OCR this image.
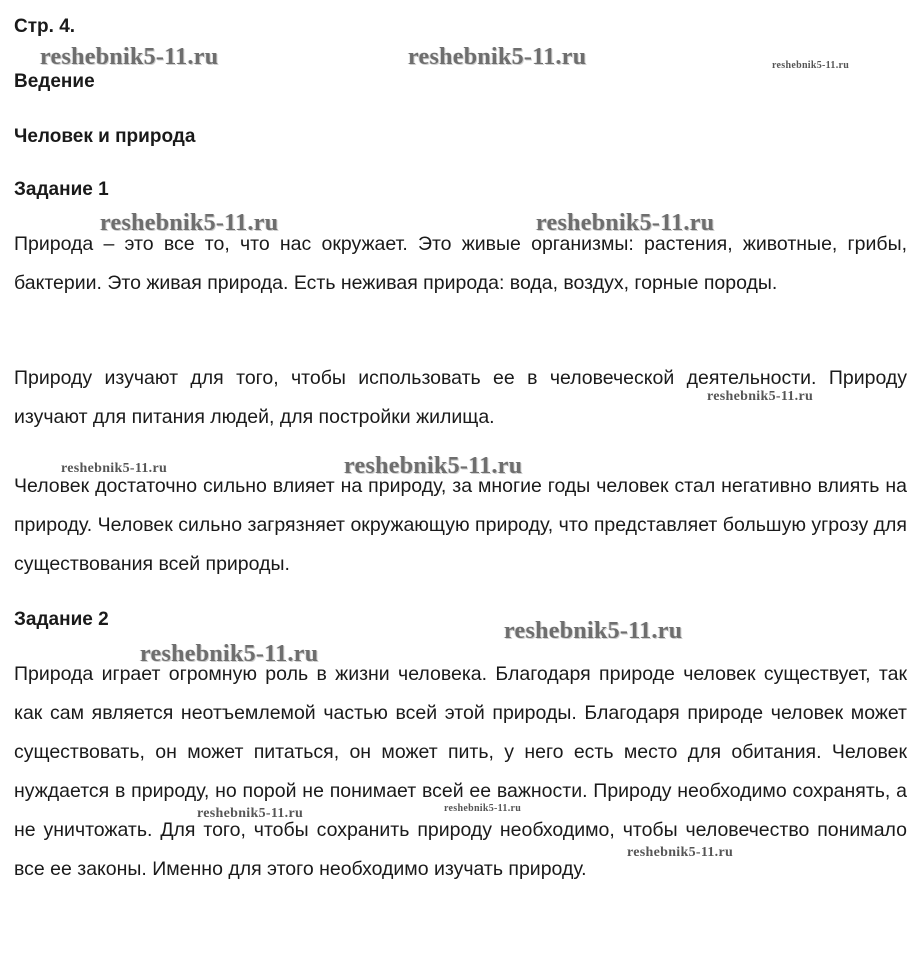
Стр. 4.
Ведение
Человек и природа
Задание 1

Природа – это все то, что нас окружает. Это живые организмы: растения, животные, грибы, бактерии. Это живая природа. Есть неживая природа: вода, воздух, горные породы.

Природу изучают для того, чтобы использовать ее в человеческой деятельности. Природу изучают для питания людей, для постройки жилища.

Человек достаточно сильно влияет на природу, за многие годы человек стал негативно влиять на природу. Человек сильно загрязняет окружающую природу, что представляет большую угрозу для существования всей природы.

Задание 2

Природа играет огромную роль в жизни человека. Благодаря природе человек существует, так как сам является неотъемлемой частью всей этой природы. Благодаря природе человек может существовать, он может питаться, он может пить, у него есть место для обитания. Человек нуждается в природу, но порой не понимает всей ее важности. Природу необходимо сохранять, а не уничтожать. Для того, чтобы сохранить природу необходимо, чтобы человечество понимало все ее законы. Именно для этого необходимо изучать природу.

reshebnik5-11.ru	reshebnik5-11.ru	reshebnik5-11.ru
reshebnik5-11.ru	reshebnik5-11.ru
reshebnik5-11.ru
reshebnik5-11.ru	reshebnik5-11.ru
reshebnik5-11.ru
reshebnik5-11.ru
reshebnik5-11.ru	reshebnik5-11.ru
reshebnik5-11.ru
